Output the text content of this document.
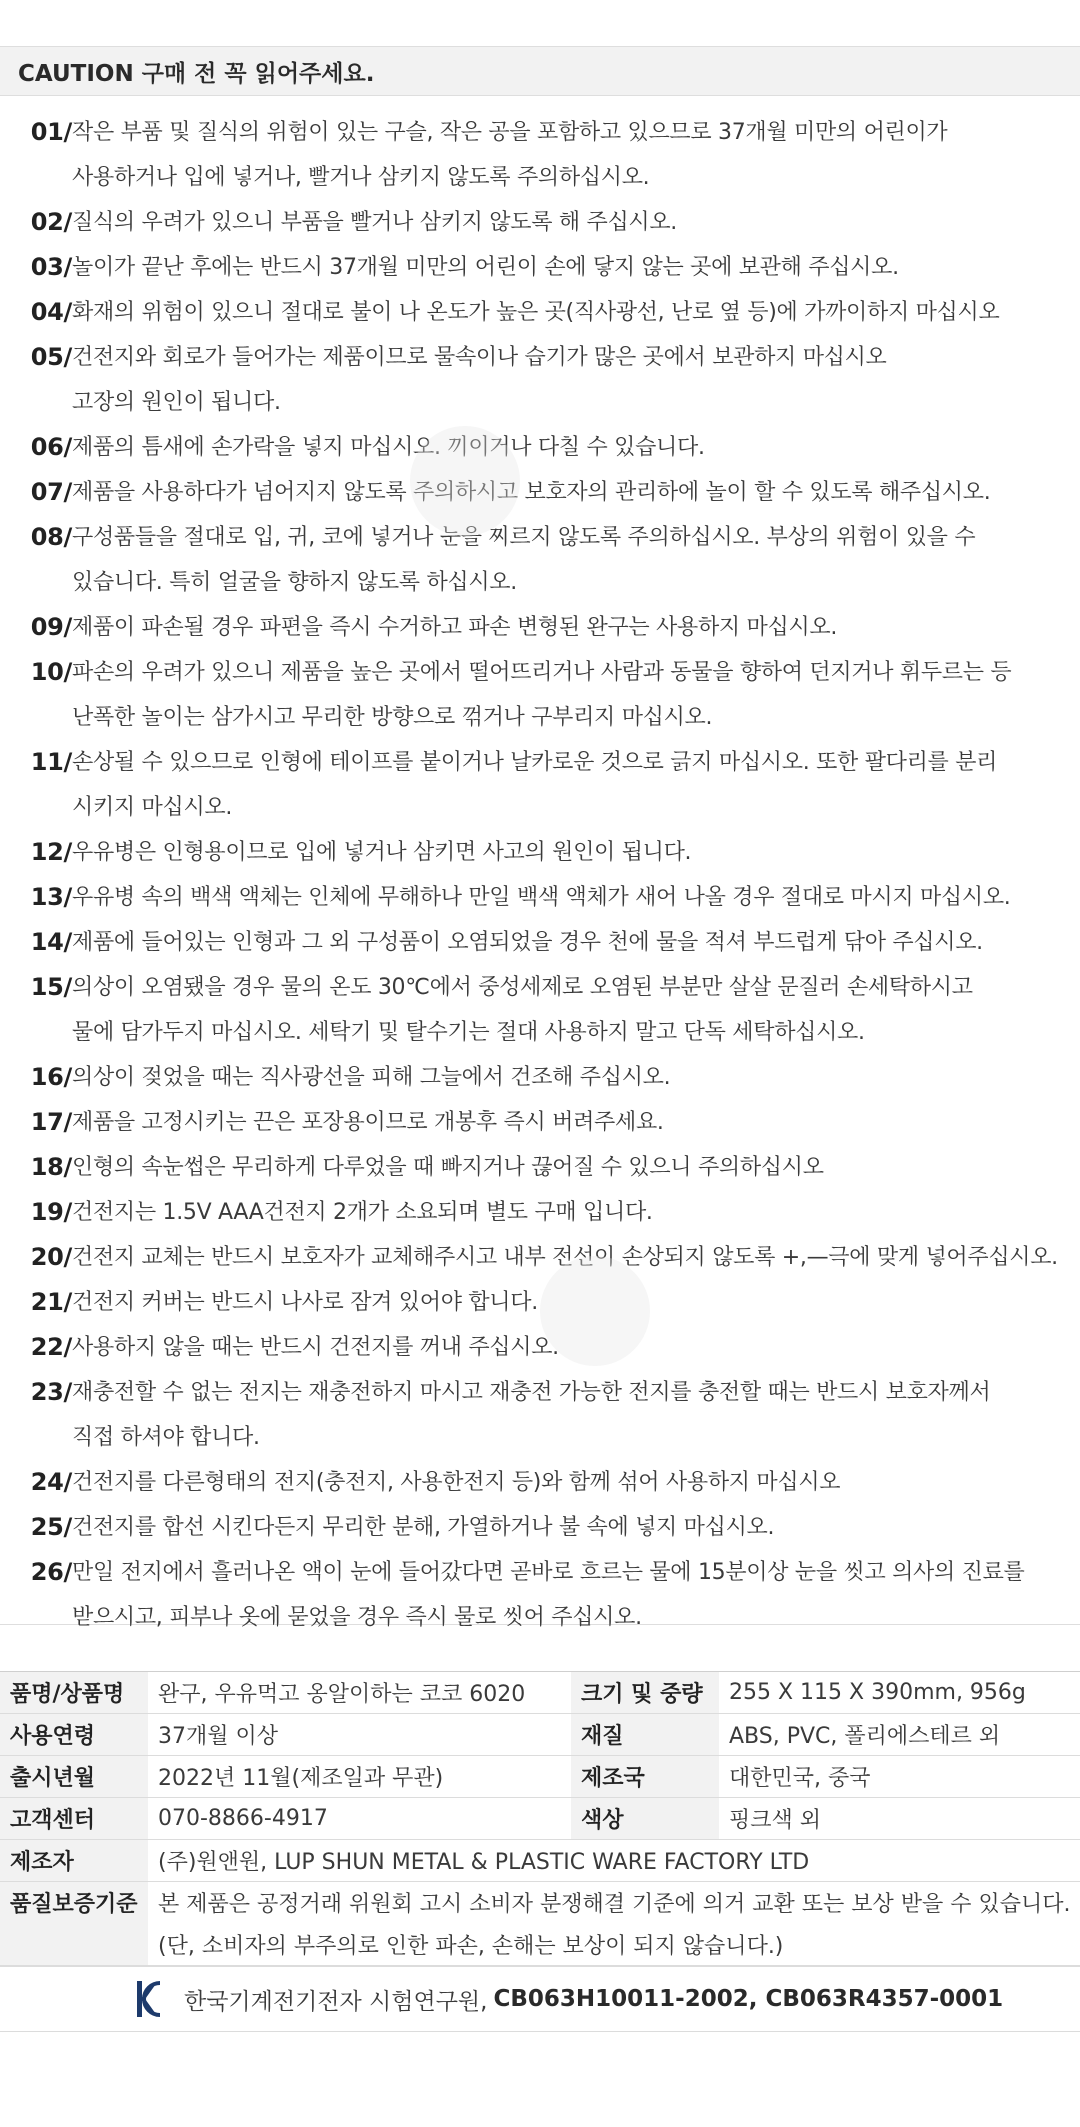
CAUTION 구매 전 꼭 읽어주세요.
01/ 작은 부품 및 질식의 위험이 있는 구슬, 작은 공을 포함하고 있으므로 37개월 미만의 어린이가
사용하거나 입에 넣거나, 빨거나 삼키지 않도록 주의하십시오.
02/ 질식의 우려가 있으니 부품을 빨거나 삼키지 않도록 해 주십시오.
03/ 놀이가 끝난 후에는 반드시 37개월 미만의 어린이 손에 닿지 않는 곳에 보관해 주십시오.
04/ 화재의 위험이 있으니 절대로 불이 나 온도가 높은 곳(직사광선, 난로 옆 등)에 가까이하지 마십시오
05/ 건전지와 회로가 들어가는 제품이므로 물속이나 습기가 많은 곳에서 보관하지 마십시오
고장의 원인이 됩니다.
06/ 제품의 틈새에 손가락을 넣지 마십시오. 끼이거나 다칠 수 있습니다.
07/ 제품을 사용하다가 넘어지지 않도록 주의하시고 보호자의 관리하에 놀이 할 수 있도록 해주십시오.
08/ 구성품들을 절대로 입, 귀, 코에 넣거나 눈을 찌르지 않도록 주의하십시오. 부상의 위험이 있을 수
있습니다. 특히 얼굴을 향하지 않도록 하십시오.
09/ 제품이 파손될 경우 파편을 즉시 수거하고 파손 변형된 완구는 사용하지 마십시오.
10/ 파손의 우려가 있으니 제품을 높은 곳에서 떨어뜨리거나 사람과 동물을 향하여 던지거나 휘두르는 등
난폭한 놀이는 삼가시고 무리한 방향으로 꺾거나 구부리지 마십시오.
11/ 손상될 수 있으므로 인형에 테이프를 붙이거나 날카로운 것으로 긁지 마십시오. 또한 팔다리를 분리
시키지 마십시오.
12/ 우유병은 인형용이므로 입에 넣거나 삼키면 사고의 원인이 됩니다.
13/ 우유병 속의 백색 액체는 인체에 무해하나 만일 백색 액체가 새어 나올 경우 절대로 마시지 마십시오.
14/ 제품에 들어있는 인형과 그 외 구성품이 오염되었을 경우 천에 물을 적셔 부드럽게 닦아 주십시오.
15/ 의상이 오염됐을 경우 물의 온도 30℃에서 중성세제로 오염된 부분만 살살 문질러 손세탁하시고
물에 담가두지 마십시오. 세탁기 및 탈수기는 절대 사용하지 말고 단독 세탁하십시오.
16/ 의상이 젖었을 때는 직사광선을 피해 그늘에서 건조해 주십시오.
17/ 제품을 고정시키는 끈은 포장용이므로 개봉후 즉시 버려주세요.
18/ 인형의 속눈썹은 무리하게 다루었을 때 빠지거나 끊어질 수 있으니 주의하십시오
19/ 건전지는 1.5V AAA건전지 2개가 소요되며 별도 구매 입니다.
20/ 건전지 교체는 반드시 보호자가 교체해주시고 내부 전선이 손상되지 않도록 +,—극에 맞게 넣어주십시오.
21/ 건전지 커버는 반드시 나사로 잠겨 있어야 합니다.
22/ 사용하지 않을 때는 반드시 건전지를 꺼내 주십시오.
23/ 재충전할 수 없는 전지는 재충전하지 마시고 재충전 가능한 전지를 충전할 때는 반드시 보호자께서
직접 하셔야 합니다.
24/ 건전지를 다른형태의 전지(충전지, 사용한전지 등)와 함께 섞어 사용하지 마십시오
25/ 건전지를 합선 시킨다든지 무리한 분해, 가열하거나 불 속에 넣지 마십시오.
26/ 만일 전지에서 흘러나온 액이 눈에 들어갔다면 곧바로 흐르는 물에 15분이상 눈을 씻고 의사의 진료를
받으시고, 피부나 옷에 묻었을 경우 즉시 물로 씻어 주십시오.
품명/상품명	완구, 우유먹고 옹알이하는 코코 6020	크기 및 중량	255 X 115 X 390mm, 956g
사용연령	37개월 이상	재질	ABS, PVC, 폴리에스테르 외
출시년월	2022년 11월(제조일과 무관)	제조국	대한민국, 중국
고객센터	070-8866-4917	색상	핑크색 외
제조자	(주)원앤원, LUP SHUN METAL & PLASTIC WARE FACTORY LTD		
품질보증기준	본 제품은 공정거래 위원회 고시 소비자 분쟁해결 기준에 의거 교환 또는 보상 받을 수 있습니다.		
	(단, 소비자의 부주의로 인한 파손, 손해는 보상이 되지 않습니다.)		
한국기계전기전자 시험연구원, CB063H10011-2002, CB063R4357-0001
